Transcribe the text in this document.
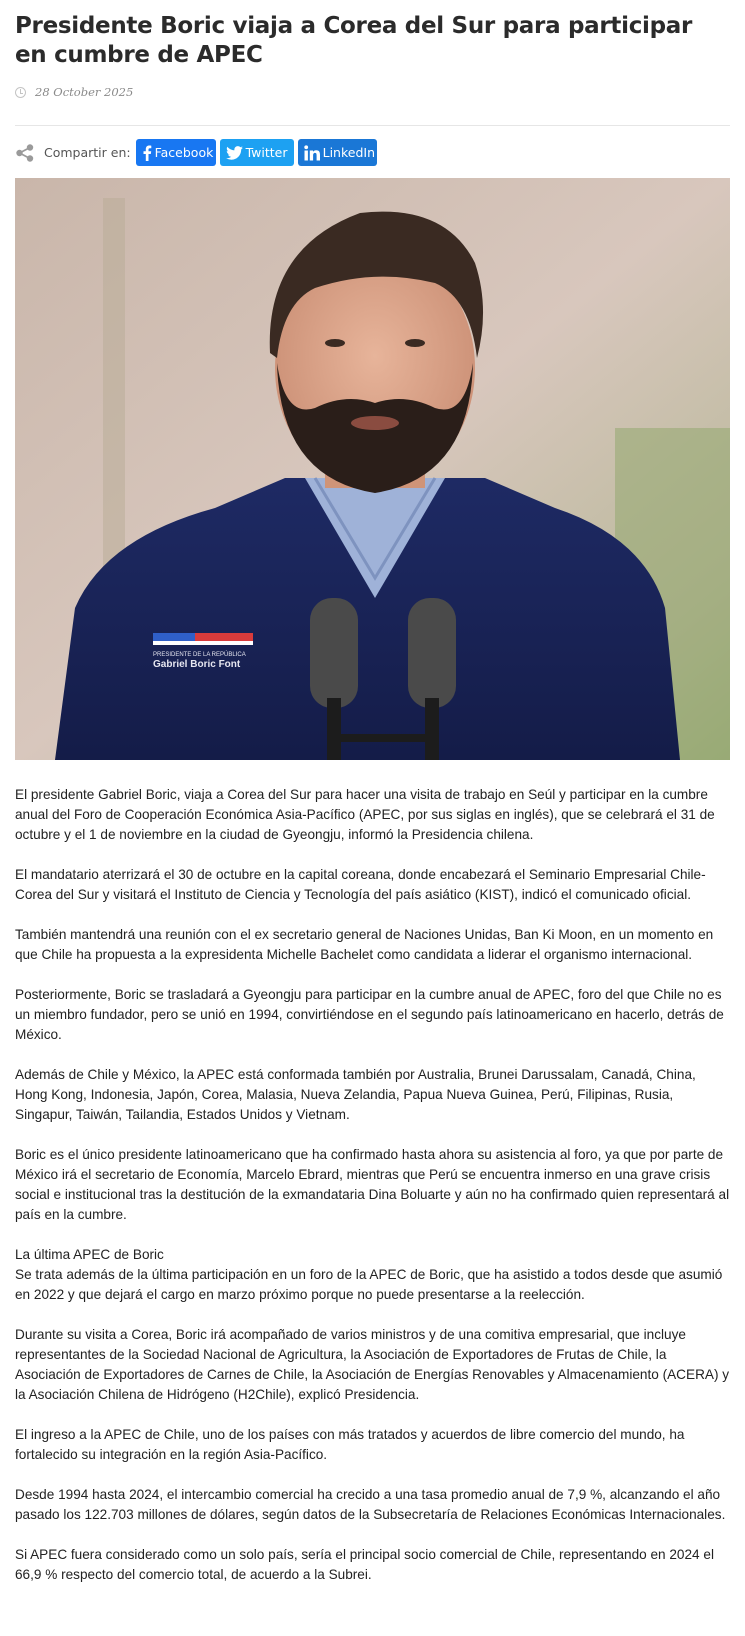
Presidente Boric viaja a Corea del Sur para participar en cumbre de APEC
28 October 2025
Compartir en: Facebook	Twitter	LinkedIn
PRESIDENTE DE LA REPÚBLICA
Gabriel Boric Font

El presidente Gabriel Boric, viaja a Corea del Sur para hacer una visita de trabajo en Seúl y participar en la cumbre anual del Foro de Cooperación Económica Asia-Pacífico (APEC, por sus siglas en inglés), que se celebrará el 31 de octubre y el 1 de noviembre en la ciudad de Gyeongju, informó la Presidencia chilena.

El mandatario aterrizará el 30 de octubre en la capital coreana, donde encabezará el Seminario Empresarial Chile-Corea del Sur y visitará el Instituto de Ciencia y Tecnología del país asiático (KIST), indicó el comunicado oficial.

También mantendrá una reunión con el ex secretario general de Naciones Unidas, Ban Ki Moon, en un momento en que Chile ha propuesta a la expresidenta Michelle Bachelet como candidata a liderar el organismo internacional.

Posteriormente, Boric se trasladará a Gyeongju para participar en la cumbre anual de APEC, foro del que Chile no es un miembro fundador, pero se unió en 1994, convirtiéndose en el segundo país latinoamericano en hacerlo, detrás de México.

Además de Chile y México, la APEC está conformada también por Australia, Brunei Darussalam, Canadá, China, Hong Kong, Indonesia, Japón, Corea, Malasia, Nueva Zelandia, Papua Nueva Guinea, Perú, Filipinas, Rusia, Singapur, Taiwán, Tailandia, Estados Unidos y Vietnam.

Boric es el único presidente latinoamericano que ha confirmado hasta ahora su asistencia al foro, ya que por parte de México irá el secretario de Economía, Marcelo Ebrard, mientras que Perú se encuentra inmerso en una grave crisis social e institucional tras la destitución de la exmandataria Dina Boluarte y aún no ha confirmado quien representará al país en la cumbre.

La última APEC de Boric

Se trata además de la última participación en un foro de la APEC de Boric, que ha asistido a todos desde que asumió en 2022 y que dejará el cargo en marzo próximo porque no puede presentarse a la reelección.

Durante su visita a Corea, Boric irá acompañado de varios ministros y de una comitiva empresarial, que incluye representantes de la Sociedad Nacional de Agricultura, la Asociación de Exportadores de Frutas de Chile, la Asociación de Exportadores de Carnes de Chile, la Asociación de Energías Renovables y Almacenamiento (ACERA) y la Asociación Chilena de Hidrógeno (H2Chile), explicó Presidencia.

El ingreso a la APEC de Chile, uno de los países con más tratados y acuerdos de libre comercio del mundo, ha fortalecido su integración en la región Asia-Pacífico.

Desde 1994 hasta 2024, el intercambio comercial ha crecido a una tasa promedio anual de 7,9 %, alcanzando el año pasado los 122.703 millones de dólares, según datos de la Subsecretaría de Relaciones Económicas Internacionales.

Si APEC fuera considerado como un solo país, sería el principal socio comercial de Chile, representando en 2024 el 66,9 % respecto del comercio total, de acuerdo a la Subrei.
